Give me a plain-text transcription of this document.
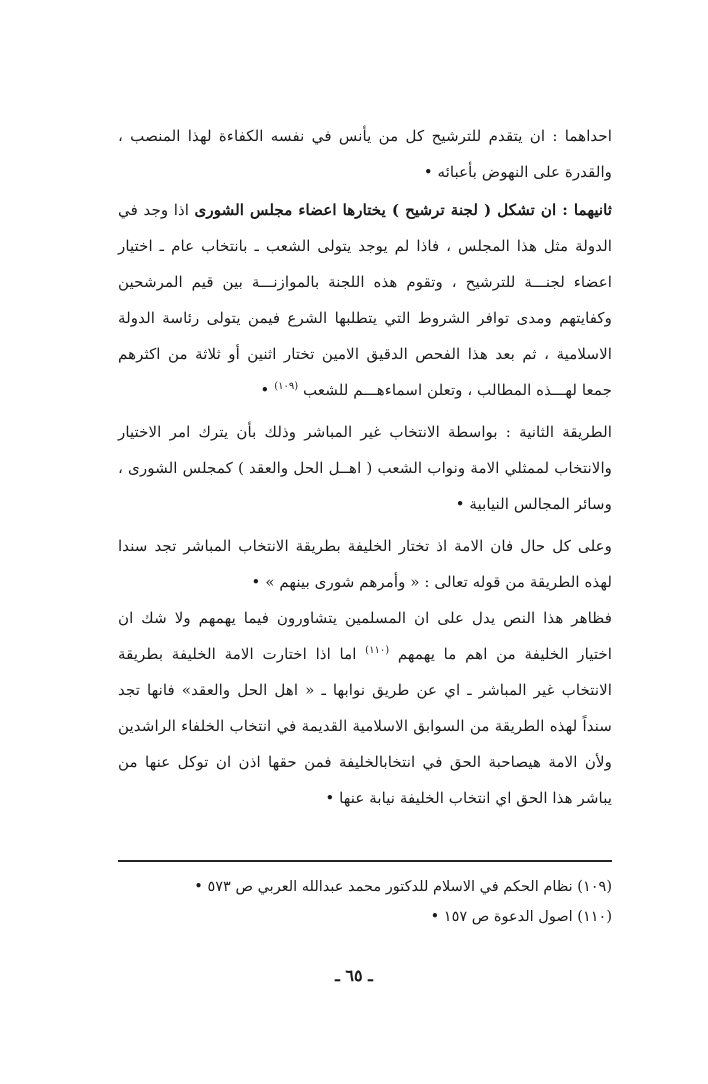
احداهما : ان يتقدم للترشيح كل من يأنس في نفسه الكفاءة لهذا المنصب ، والقدرة على النهوض بأعبائه •

ثانيهما : ان تشكل ( لجنة ترشيح ) يختارها اعضاء مجلس الشورى اذا وجد في الدولة مثل هذا المجلس ، فاذا لم يوجد يتولى الشعب ـ بانتخاب عام ـ اختيار اعضاء لجنـــة للترشيح ، وتقوم هذه اللجنة بالموازنـــة بين قيم المرشحين وكفايتهم ومدى توافر الشروط التي يتطلبها الشرع فيمن يتولى رئاسة الدولة الاسلامية ، ثم بعد هذا الفحص الدقيق الامين تختار اثنين أو ثلاثة من اكثرهم جمعا لهـــذه المطالب ، وتعلن اسماءهـــم للشعب $^{(١٠٩)}$ •

الطريقة الثانية : بواسطة الانتخاب غير المباشر وذلك بأن يترك امر الاختيار والانتخاب لممثلي الامة ونواب الشعب ( اهــل الحل والعقد ) كمجلس الشورى ، وسائر المجالس النيابية •

وعلى كل حال فان الامة اذ تختار الخليفة بطريقة الانتخاب المباشر تجد سندا لهذه الطريقة من قوله تعالى : « وأمرهم شورى بينهم » •

فظاهر هذا النص يدل على ان المسلمين يتشاورون فيما يهمهم ولا شك ان اختيار الخليفة من اهم ما يهمهم $^{(١١٠)}$ اما اذا اختارت الامة الخليفة بطريقة الانتخاب غير المباشر ـ اي عن طريق نوابها ـ « اهل الحل والعقد» فانها تجد سنداً لهذه الطريقة من السوابق الاسلامية القديمة في انتخاب الخلفاء الراشدين ولأن الامة هيصاحبة الحق في انتخابالخليفة فمن حقها اذن ان توكل عنها من يباشر هذا الحق اي انتخاب الخليفة نيابة عنها •

(١٠٩) نظام الحكم في الاسلام للدكتور محمد عبدالله العربي ص ٥٧٣ •

(١١٠) اصول الدعوة ص ١٥٧ •

ـ ٦٥ ـ
